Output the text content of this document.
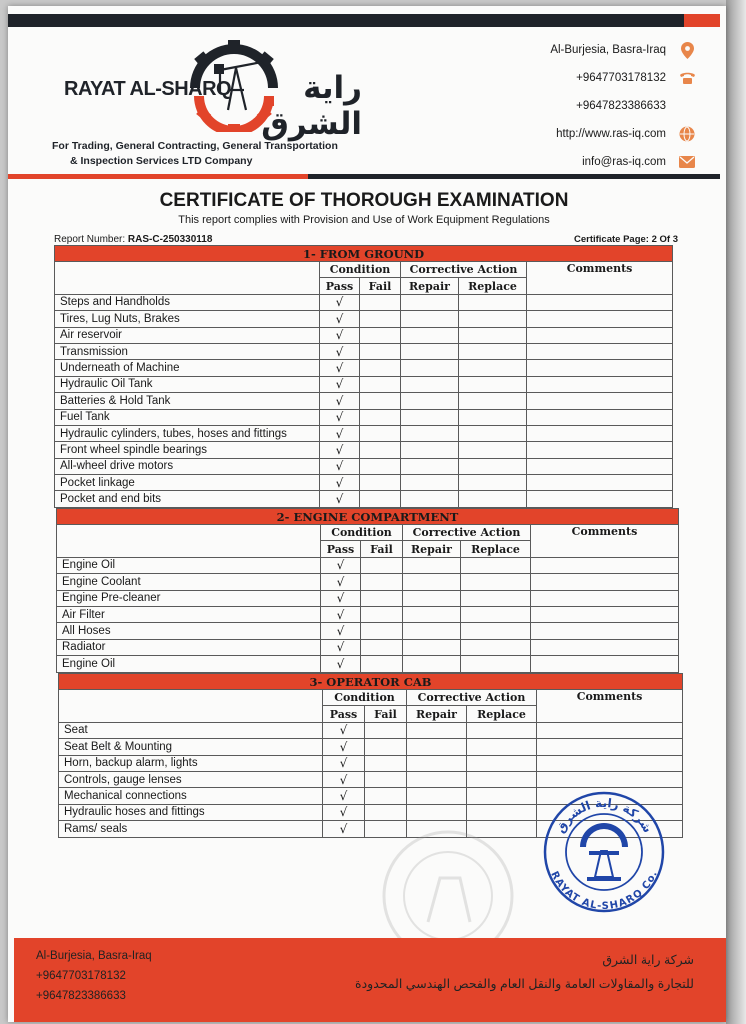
RAYAT AL-SHARQ	راية الشرق
For Trading, General Contracting, General Transportation
& Inspection Services LTD Company
Al-Burjesia, Basra-Iraq
+9647703178132
+9647823386633
http://www.ras-iq.com
info@ras-iq.com
CERTIFICATE OF THOROUGH EXAMINATION
This report complies with Provision and Use of Work Equipment Regulations
Report Number: RAS-C-250330118	Certificate Page: 2 Of 3
1- FROM GROUND					
	Condition		Corrective Action		Comments
	Pass	Fail	Repair	Replace	
Steps and Handholds	√				
Tires, Lug Nuts, Brakes	√				
Air reservoir	√				
Transmission	√				
Underneath of Machine	√				
Hydraulic Oil Tank	√				
Batteries & Hold Tank	√				
Fuel Tank	√				
Hydraulic cylinders, tubes, hoses and fittings	√				
Front wheel spindle bearings	√				
All-wheel drive motors	√				
Pocket linkage	√				
Pocket and end bits	√				
2- ENGINE COMPARTMENT					
	Condition		Corrective Action		Comments
	Pass	Fail	Repair	Replace	
Engine Oil	√				
Engine Coolant	√				
Engine Pre-cleaner	√				
Air Filter	√				
All Hoses	√				
Radiator	√				
Engine Oil	√				
3- OPERATOR CAB					
	Condition		Corrective Action		Comments
	Pass	Fail	Repair	Replace	
Seat	√				
Seat Belt & Mounting	√				
Horn, backup alarm, lights	√				
Controls, gauge lenses	√				
Mechanical connections	√				
Hydraulic hoses and fittings	√				
Rams/ seals	√					شركة راية الشرق
RAYAT AL-SHARQ Co.
Al-Burjesia, Basra-Iraq
+9647703178132
+9647823386633
شركة راية الشرق
للتجارة والمقاولات العامة والنقل العام والفحص الهندسي المحدودة
